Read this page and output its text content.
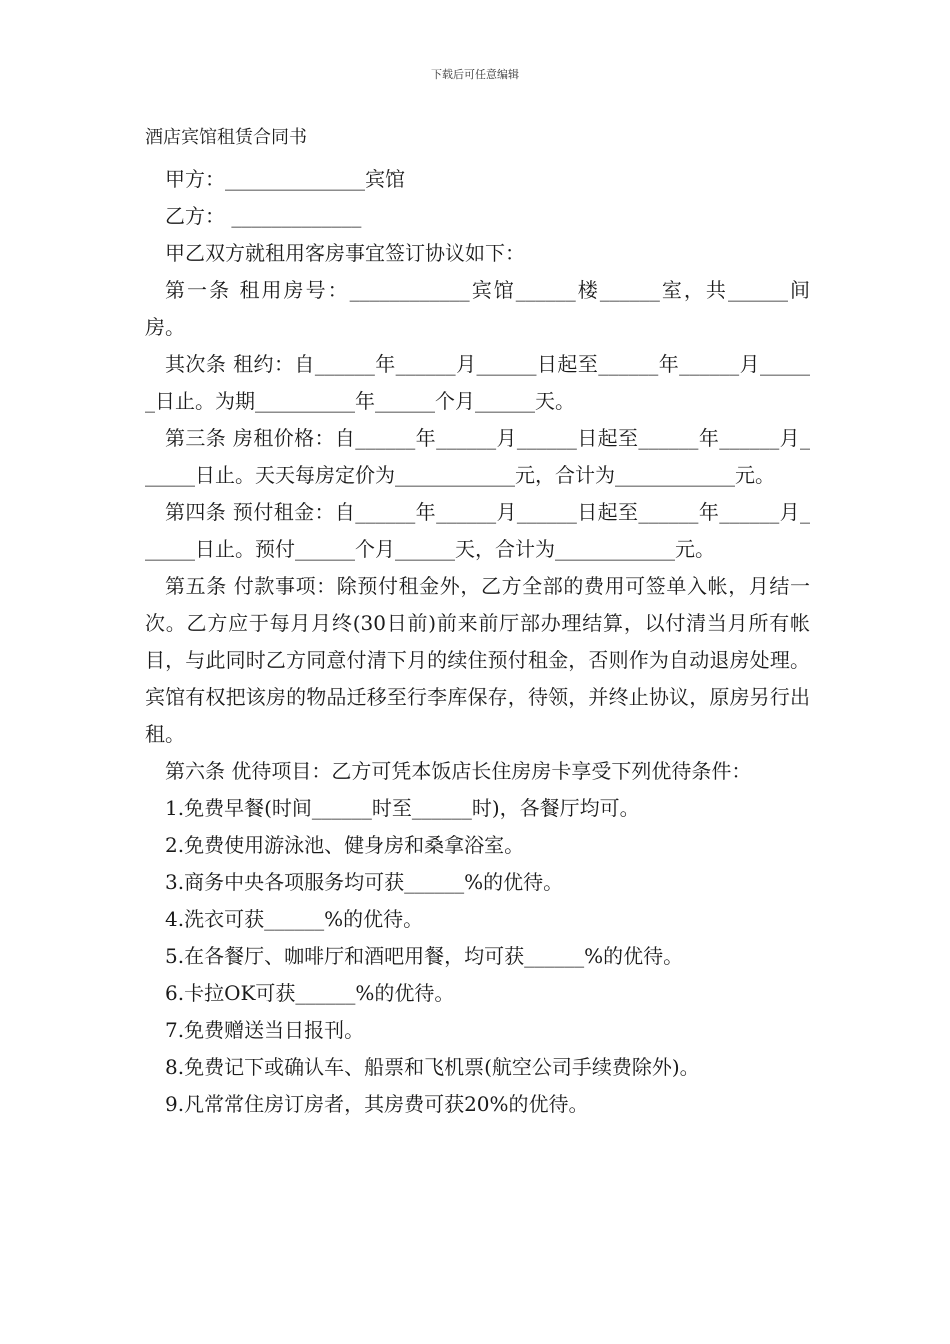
下载后可任意编辑
酒店宾馆租赁合同书

甲方：______________宾馆

乙方： _____________

甲乙双方就租用客房事宜签订协议如下：

第一条 租用房号：____________宾馆______楼______室，共______间房。

其次条 租约：自______年______月______日起至______年______月______日止。为期__________年______个月______天。

第三条 房租价格：自______年______月______日起至______年______月______日止。天天每房定价为____________元，合计为____________元。

第四条 预付租金：自______年______月______日起至______年______月______日止。预付______个月______天，合计为____________元。

第五条 付款事项：除预付租金外，乙方全部的费用可签单入帐，月结一次。乙方应于每月月终(30日前)前来前厅部办理结算，以付清当月所有帐目，与此同时乙方同意付清下月的续住预付租金，否则作为自动退房处理。宾馆有权把该房的物品迁移至行李库保存，待领，并终止协议，原房另行出租。

第六条 优待项目：乙方可凭本饭店长住房房卡享受下列优待条件：

1.免费早餐(时间______时至______时)，各餐厅均可。
2.免费使用游泳池、健身房和桑拿浴室。
3.商务中央各项服务均可获______%的优待。
4.洗衣可获______%的优待。
5.在各餐厅、咖啡厅和酒吧用餐，均可获______%的优待。
6.卡拉OK可获______%的优待。
7.免费赠送当日报刊。
8.免费记下或确认车、船票和飞机票(航空公司手续费除外)。
9.凡常常住房订房者，其房费可获20%的优待。
